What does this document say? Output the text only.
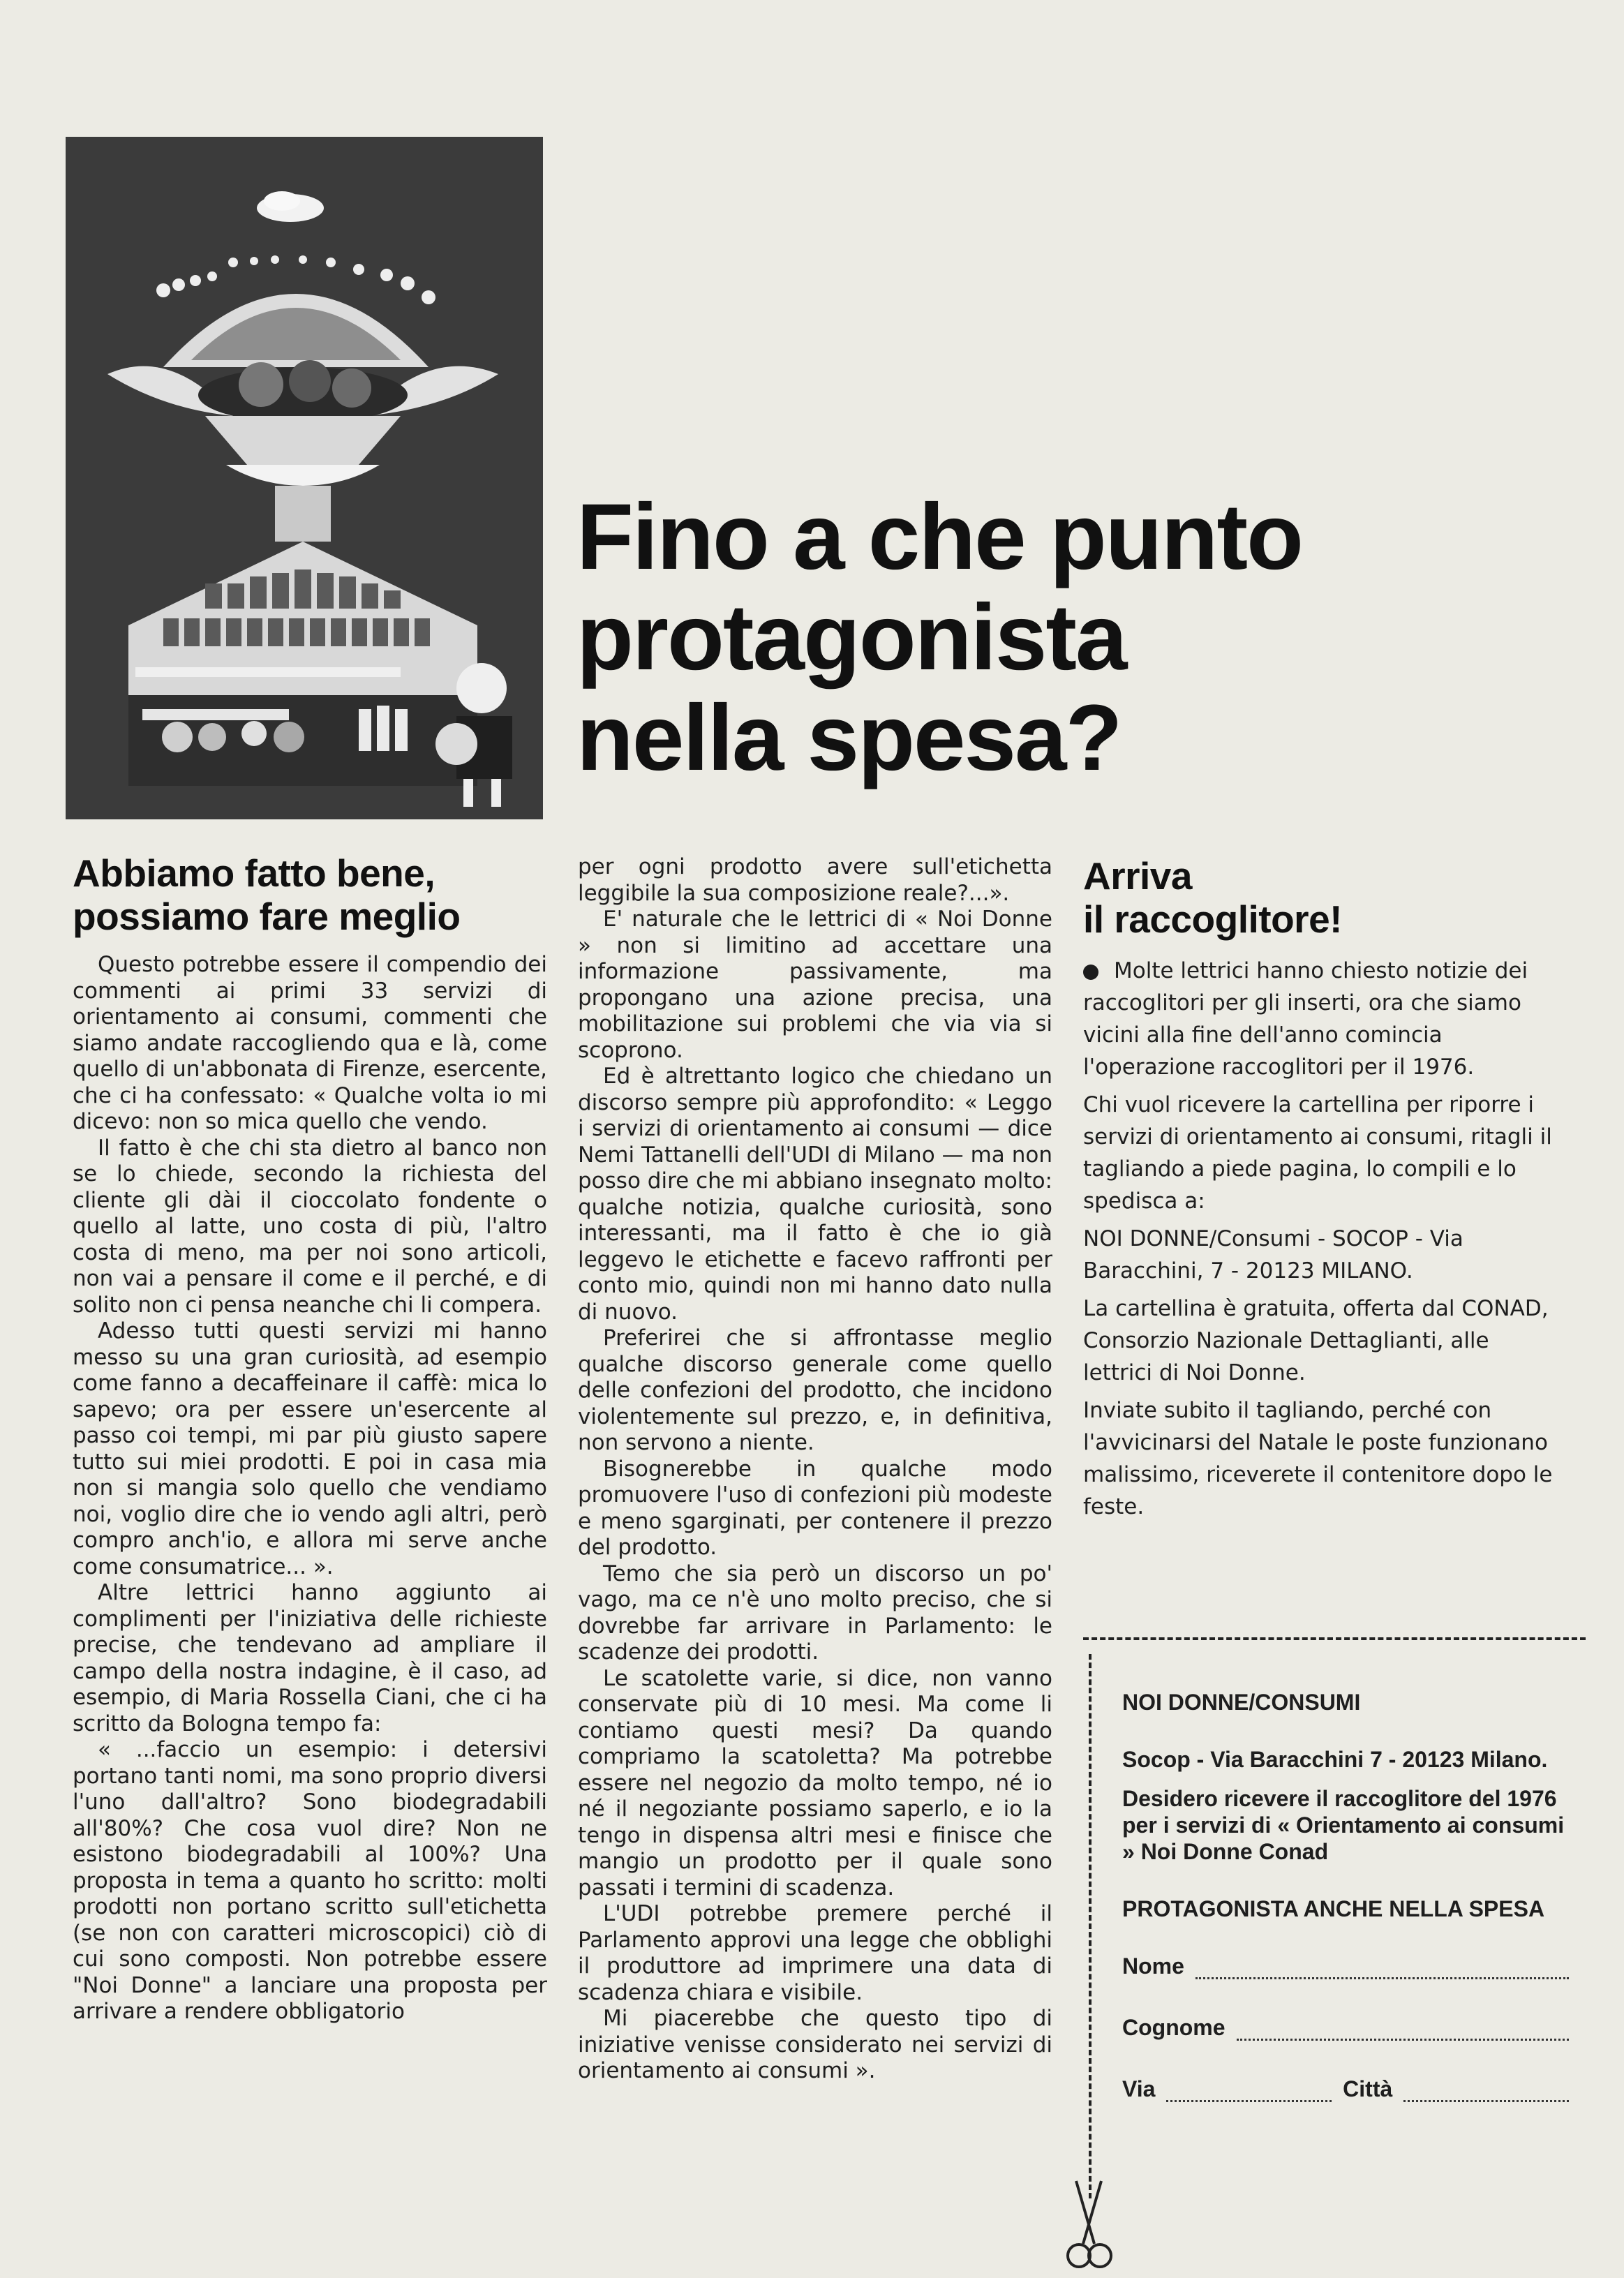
Fino a che punto
protagonista
nella spesa?
Abbiamo fatto bene,
possiamo fare meglio

Questo potrebbe essere il compendio dei commenti ai primi 33 servizi di orientamento ai consumi, commenti che siamo andate raccogliendo qua e là, come quello di un'abbonata di Firenze, esercente, che ci ha confessato: « Qualche volta io mi dicevo: non so mica quello che vendo.

Il fatto è che chi sta dietro al banco non se lo chiede, secondo la richiesta del cliente gli dài il cioccolato fondente o quello al latte, uno costa di più, l'altro costa di meno, ma per noi sono articoli, non vai a pensare il come e il perché, e di solito non ci pensa neanche chi li compera.

Adesso tutti questi servizi mi hanno messo su una gran curiosità, ad esempio come fanno a decaffeinare il caffè: mica lo sapevo; ora per essere un'esercente al passo coi tempi, mi par più giusto sapere tutto sui miei prodotti. E poi in casa mia non si mangia solo quello che vendiamo noi, voglio dire che io vendo agli altri, però compro anch'io, e allora mi serve anche come consumatrice... ».

Altre lettrici hanno aggiunto ai complimenti per l'iniziativa delle richieste precise, che tendevano ad ampliare il campo della nostra indagine, è il caso, ad esempio, di Maria Rossella Ciani, che ci ha scritto da Bologna tempo fa:

« ...faccio un esempio: i detersivi portano tanti nomi, ma sono proprio diversi l'uno dall'altro? Sono biodegradabili all'80%? Che cosa vuol dire? Non ne esistono biodegradabili al 100%? Una proposta in tema a quanto ho scritto: molti prodotti non portano scritto sull'etichetta (se non con caratteri microscopici) ciò di cui sono composti. Non potrebbe essere "Noi Donne" a lanciare una proposta per arrivare a rendere obbligatorio

per ogni prodotto avere sull'etichetta leggibile la sua composizione reale?...».

E' naturale che le lettrici di « Noi Donne » non si limitino ad accettare una informazione passivamente, ma propongano una azione precisa, una mobilitazione sui problemi che via via si scoprono.

Ed è altrettanto logico che chiedano un discorso sempre più approfondito: « Leggo i servizi di orientamento ai consumi — dice Nemi Tattanelli dell'UDI di Milano — ma non posso dire che mi abbiano insegnato molto: qualche notizia, qualche curiosità, sono interessanti, ma il fatto è che io già leggevo le etichette e facevo raffronti per conto mio, quindi non mi hanno dato nulla di nuovo.

Preferirei che si affrontasse meglio qualche discorso generale come quello delle confezioni del prodotto, che incidono violentemente sul prezzo, e, in definitiva, non servono a niente.

Bisognerebbe in qualche modo promuovere l'uso di confezioni più modeste e meno sgarginati, per contenere il prezzo del prodotto.

Temo che sia però un discorso un po' vago, ma ce n'è uno molto preciso, che si dovrebbe far arrivare in Parlamento: le scadenze dei prodotti.

Le scatolette varie, si dice, non vanno conservate più di 10 mesi. Ma come li contiamo questi mesi? Da quando compriamo la scatoletta? Ma potrebbe essere nel negozio da molto tempo, né io né il negoziante possiamo saperlo, e io la tengo in dispensa altri mesi e finisce che mangio un prodotto per il quale sono passati i termini di scadenza.

L'UDI potrebbe premere perché il Parlamento approvi una legge che obblighi il produttore ad imprimere una data di scadenza chiara e visibile.

Mi piacerebbe che questo tipo di iniziative venisse considerato nei servizi di orientamento ai consumi ».

Arriva
il raccoglitore!

Molte lettrici hanno chiesto notizie dei raccoglitori per gli inserti, ora che siamo vicini alla fine dell'anno comincia l'operazione raccoglitori per il 1976.

Chi vuol ricevere la cartellina per riporre i servizi di orientamento ai consumi, ritagli il tagliando a piede pagina, lo compili e lo spedisca a:

NOI DONNE/Consumi - SOCOP - Via Baracchini, 7 - 20123 MILANO.

La cartellina è gratuita, offerta dal CONAD, Consorzio Nazionale Dettaglianti, alle lettrici di Noi Donne.

Inviate subito il tagliando, perché con l'avvicinarsi del Natale le poste funzionano malissimo, riceverete il contenitore dopo le feste.

NOI DONNE/CONSUMI
Socop - Via Baracchini 7 - 20123 Milano.
Desidero ricevere il raccoglitore del 1976 per i servizi di « Orientamento ai consumi » Noi Donne Conad
PROTAGONISTA ANCHE NELLA SPESA
Nome
Cognome
Via	Città
